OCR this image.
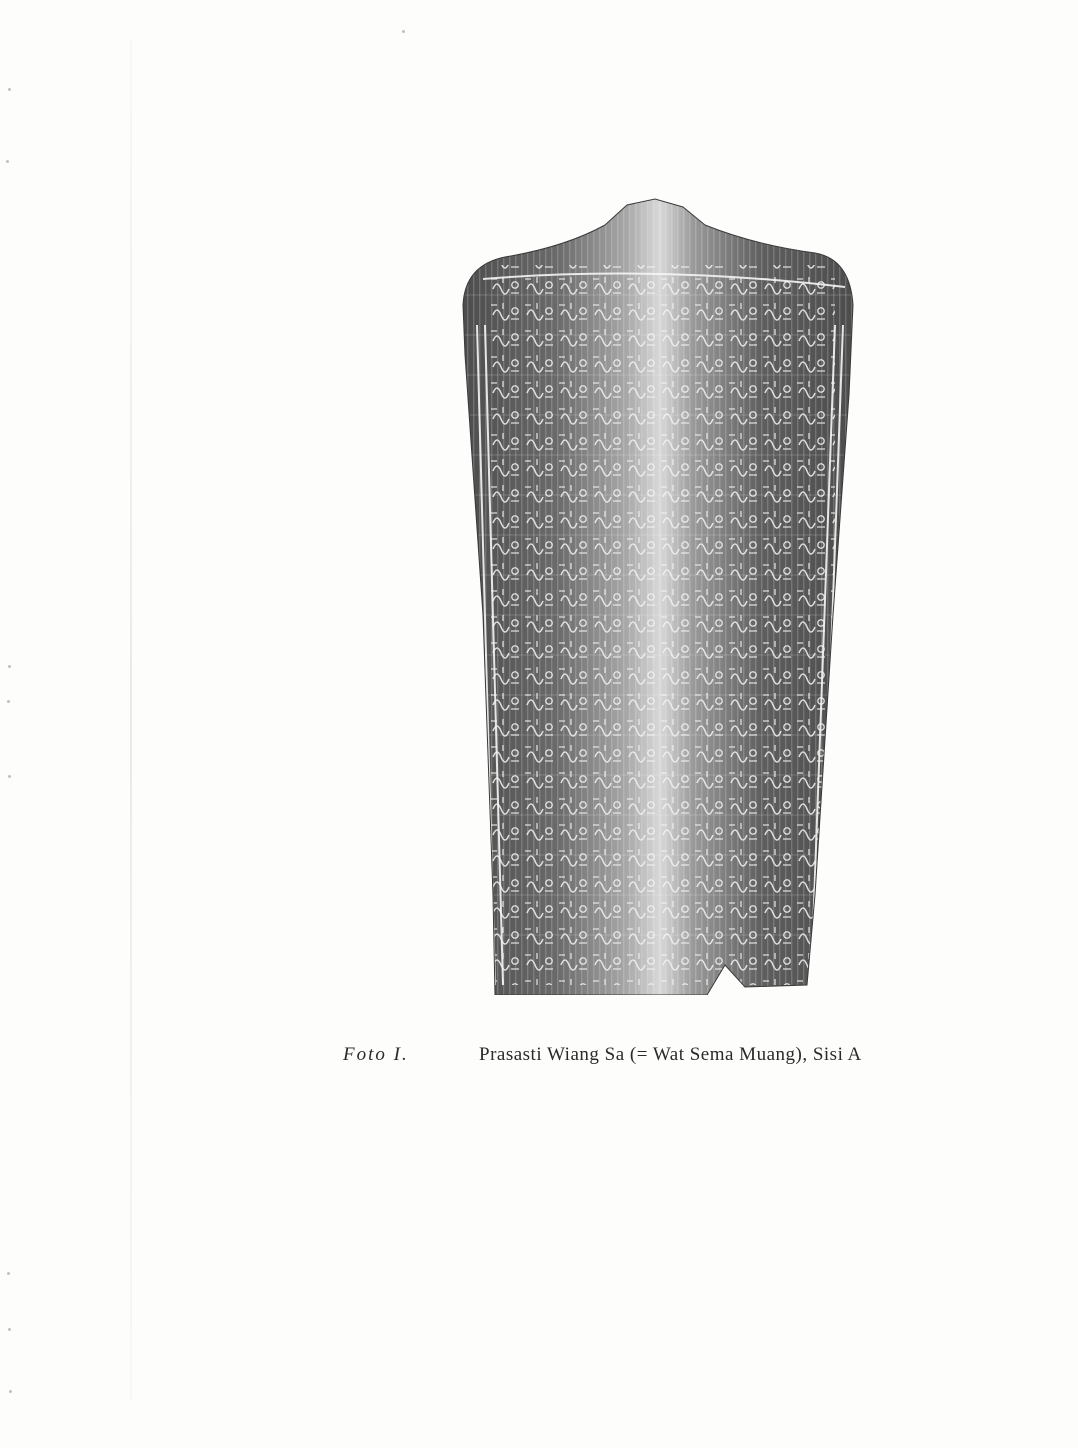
Foto I.	Prasasti Wiang Sa (= Wat Sema Muang), Sisi A
